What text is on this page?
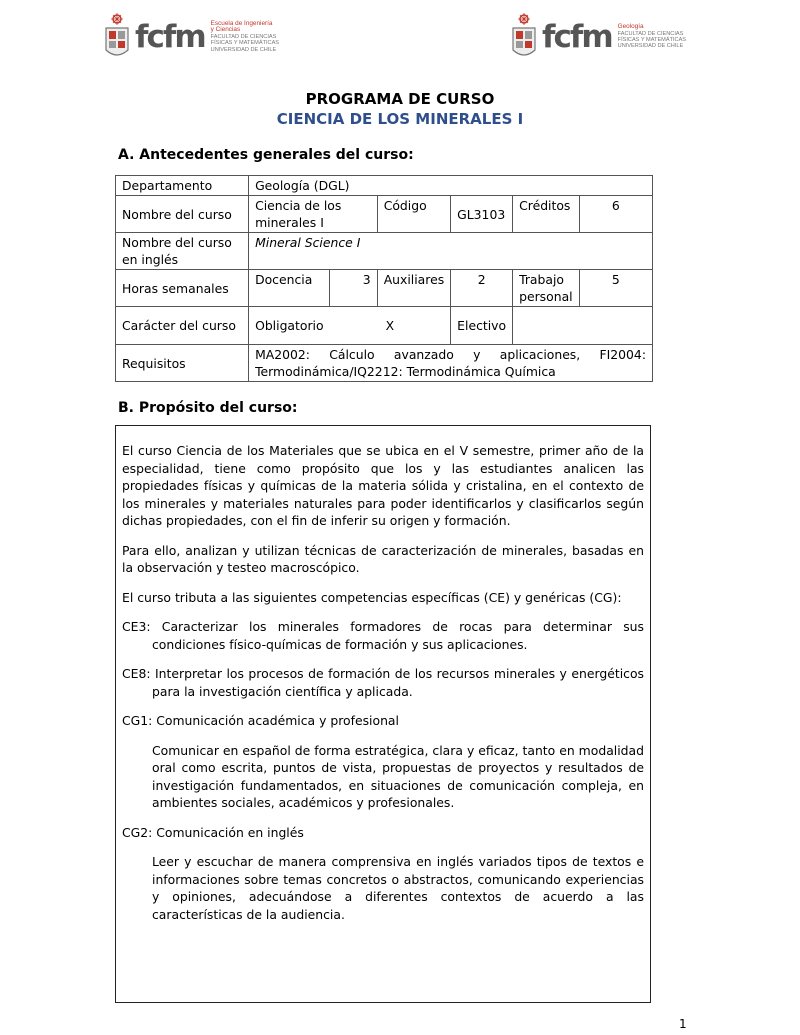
fcfm Escuela de Ingeniería
y Ciencias
FACULTAD DE CIENCIAS
FÍSICAS Y MATEMÁTICAS
UNIVERSIDAD DE CHILE	fcfm Geología
FACULTAD DE CIENCIAS
FÍSICAS Y MATEMÁTICAS
UNIVERSIDAD DE CHILE
PROGRAMA DE CURSO
CIENCIA DE LOS MINERALES I
A. Antecedentes generales del curso:
Departamento	Geología (DGL)					
Nombre del curso	Ciencia de los minerales I		Código	GL3103	Créditos	6
Nombre del curso en inglés	Mineral Science I					
Horas semanales	Docencia	3	Auxiliares	2	Trabajo personal	5
Carácter del curso	Obligatorio	X		Electivo		
Requisitos	MA2002: Cálculo avanzado y aplicaciones, FI2004: Termodinámica/IQ2212: Termodinámica Química					
B. Propósito del curso:

El curso Ciencia de los Materiales que se ubica en el V semestre, primer año de la especialidad, tiene como propósito que los y las estudiantes analicen las propiedades físicas y químicas de la materia sólida y cristalina, en el contexto de los minerales y materiales naturales para poder identificarlos y clasificarlos según dichas propiedades, con el fin de inferir su origen y formación.

Para ello, analizan y utilizan técnicas de caracterización de minerales, basadas en la observación y testeo macroscópico.

El curso tributa a las siguientes competencias específicas (CE) y genéricas (CG):

CE3: Caracterizar los minerales formadores de rocas para determinar sus condiciones físico-químicas de formación y sus aplicaciones.

CE8: Interpretar los procesos de formación de los recursos minerales y energéticos para la investigación científica y aplicada.

CG1: Comunicación académica y profesional

Comunicar en español de forma estratégica, clara y eficaz, tanto en modalidad oral como escrita, puntos de vista, propuestas de proyectos y resultados de investigación fundamentados, en situaciones de comunicación compleja, en ambientes sociales, académicos y profesionales.

CG2: Comunicación en inglés

Leer y escuchar de manera comprensiva en inglés variados tipos de textos e informaciones sobre temas concretos o abstractos, comunicando experiencias y opiniones, adecuándose a diferentes contextos de acuerdo a las características de la audiencia.

1
